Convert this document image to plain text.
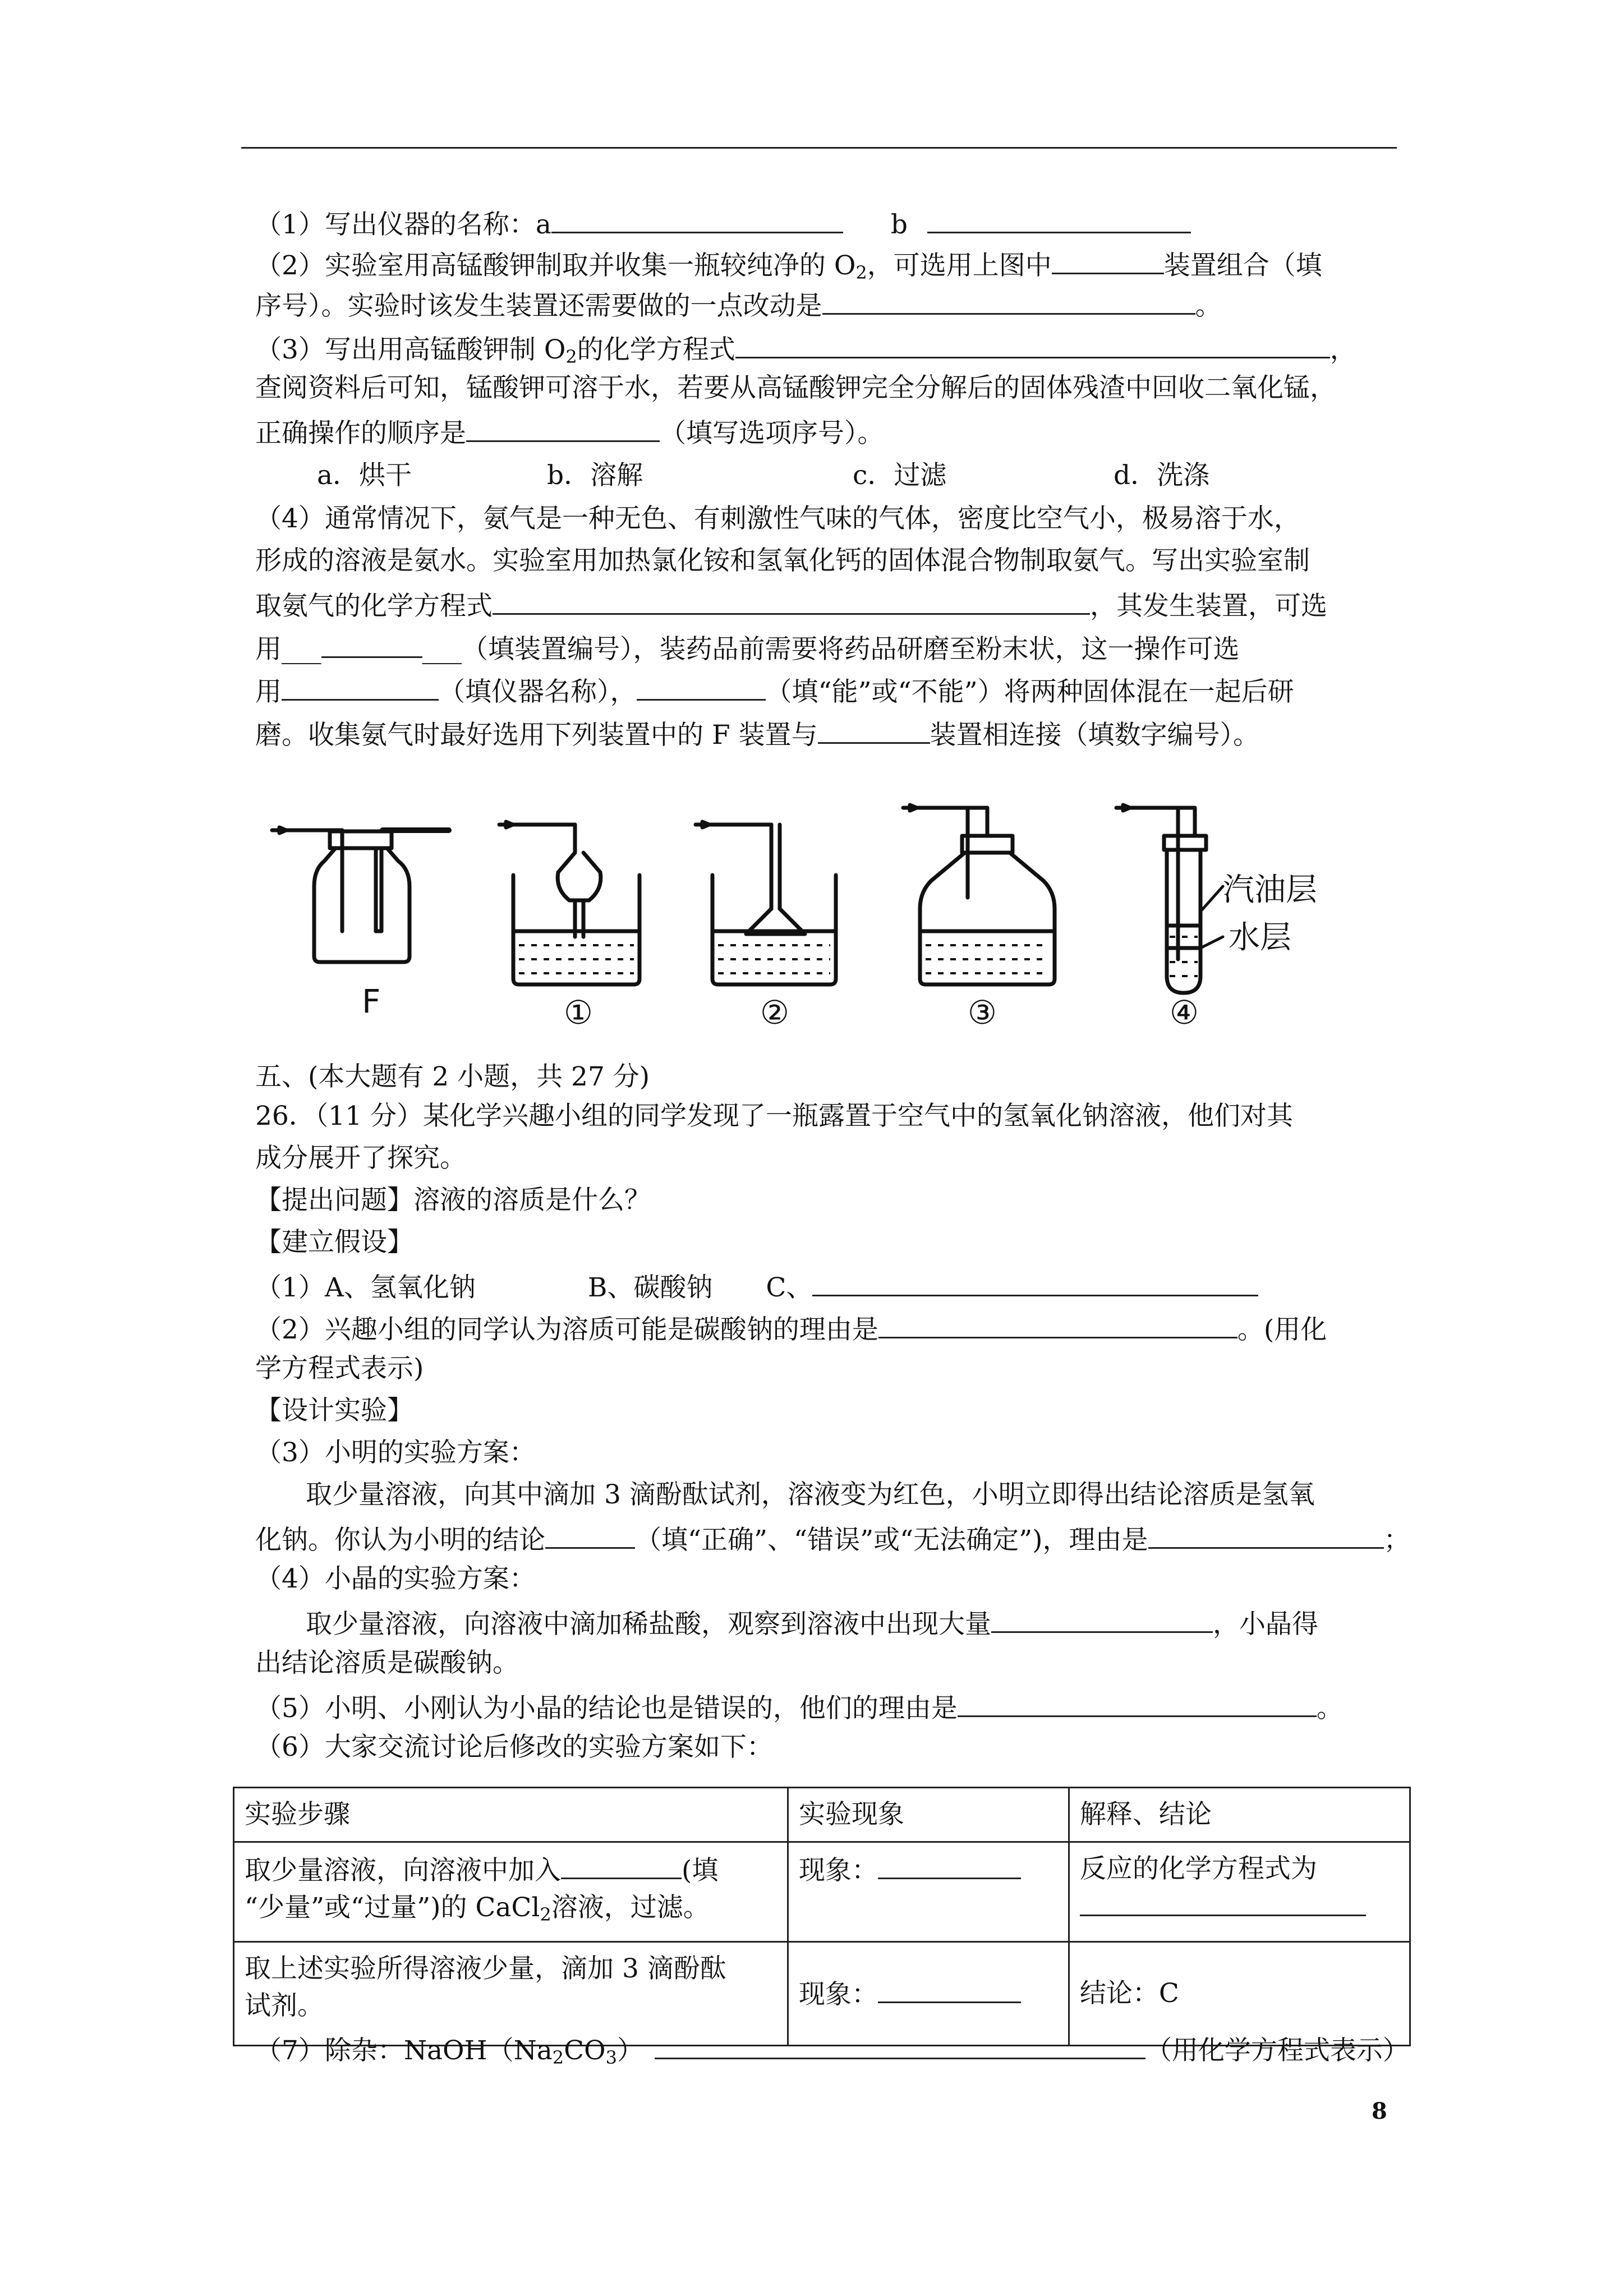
（1）写出仪器的名称：a	b
（2）实验室用高锰酸钾制取并收集一瓶较纯净的 $O_2$，可选用上图中	装置组合（填
序号）。实验时该发生装置还需要做的一点改动是	。
（3）写出用高锰酸钾制 $O_2$的化学方程式	，
查阅资料后可知，锰酸钾可溶于水，若要从高锰酸钾完全分解后的固体残渣中回收二氧化锰，
正确操作的顺序是	（填写选项序号）。
a．烘干	b．溶解	c．过滤	d．洗涤
（4）通常情况下，氨气是一种无色、有刺激性气味的气体，密度比空气小，极易溶于水，
形成的溶液是氨水。实验室用加热氯化铵和氢氧化钙的固体混合物制取氨气。写出实验室制
取氨气的化学方程式	，其发生装置，可选
用___	___（填装置编号），装药品前需要将药品研磨至粉末状，这一操作可选
用	（填仪器名称），	（填“能”或“不能”）将两种固体混在一起后研
磨。收集氨气时最好选用下列装置中的 F 装置与	装置相连接（填数字编号）。
F	①	②	③	④
汽油层
水层
五、(本大题有 2 小题，共 27 分)
26．（11 分）某化学兴趣小组的同学发现了一瓶露置于空气中的氢氧化钠溶液，他们对其
成分展开了探究。
【提出问题】溶液的溶质是什么？
【建立假设】
（1）A、氢氧化钠	B、碳酸钠 C、
（2）兴趣小组的同学认为溶质可能是碳酸钠的理由是	。(用化
学方程式表示)
【设计实验】
（3）小明的实验方案：
取少量溶液，向其中滴加 3 滴酚酞试剂，溶液变为红色，小明立即得出结论溶质是氢氧
化钠。你认为小明的结论	（填“正确”、“错误”或“无法确定”)，理由是	；
（4）小晶的实验方案：
取少量溶液，向溶液中滴加稀盐酸，观察到溶液中出现大量	，小晶得
出结论溶质是碳酸钠。
（5）小明、小刚认为小晶的结论也是错误的，他们的理由是	。
（6）大家交流讨论后修改的实验方案如下：
实验步骤	实验现象	解释、结论
取少量溶液，向溶液中加入 (填
“少量”或“过量”)的 CaCl$_2$溶液，过滤。	现象：	反应的化学方程式为

取上述实验所得溶液少量，滴加 3 滴酚酞
试剂。	现象：	结论：C
（7）除杂：$NaOH(Na_2CO_3)$	（用化学方程式表示）
8
